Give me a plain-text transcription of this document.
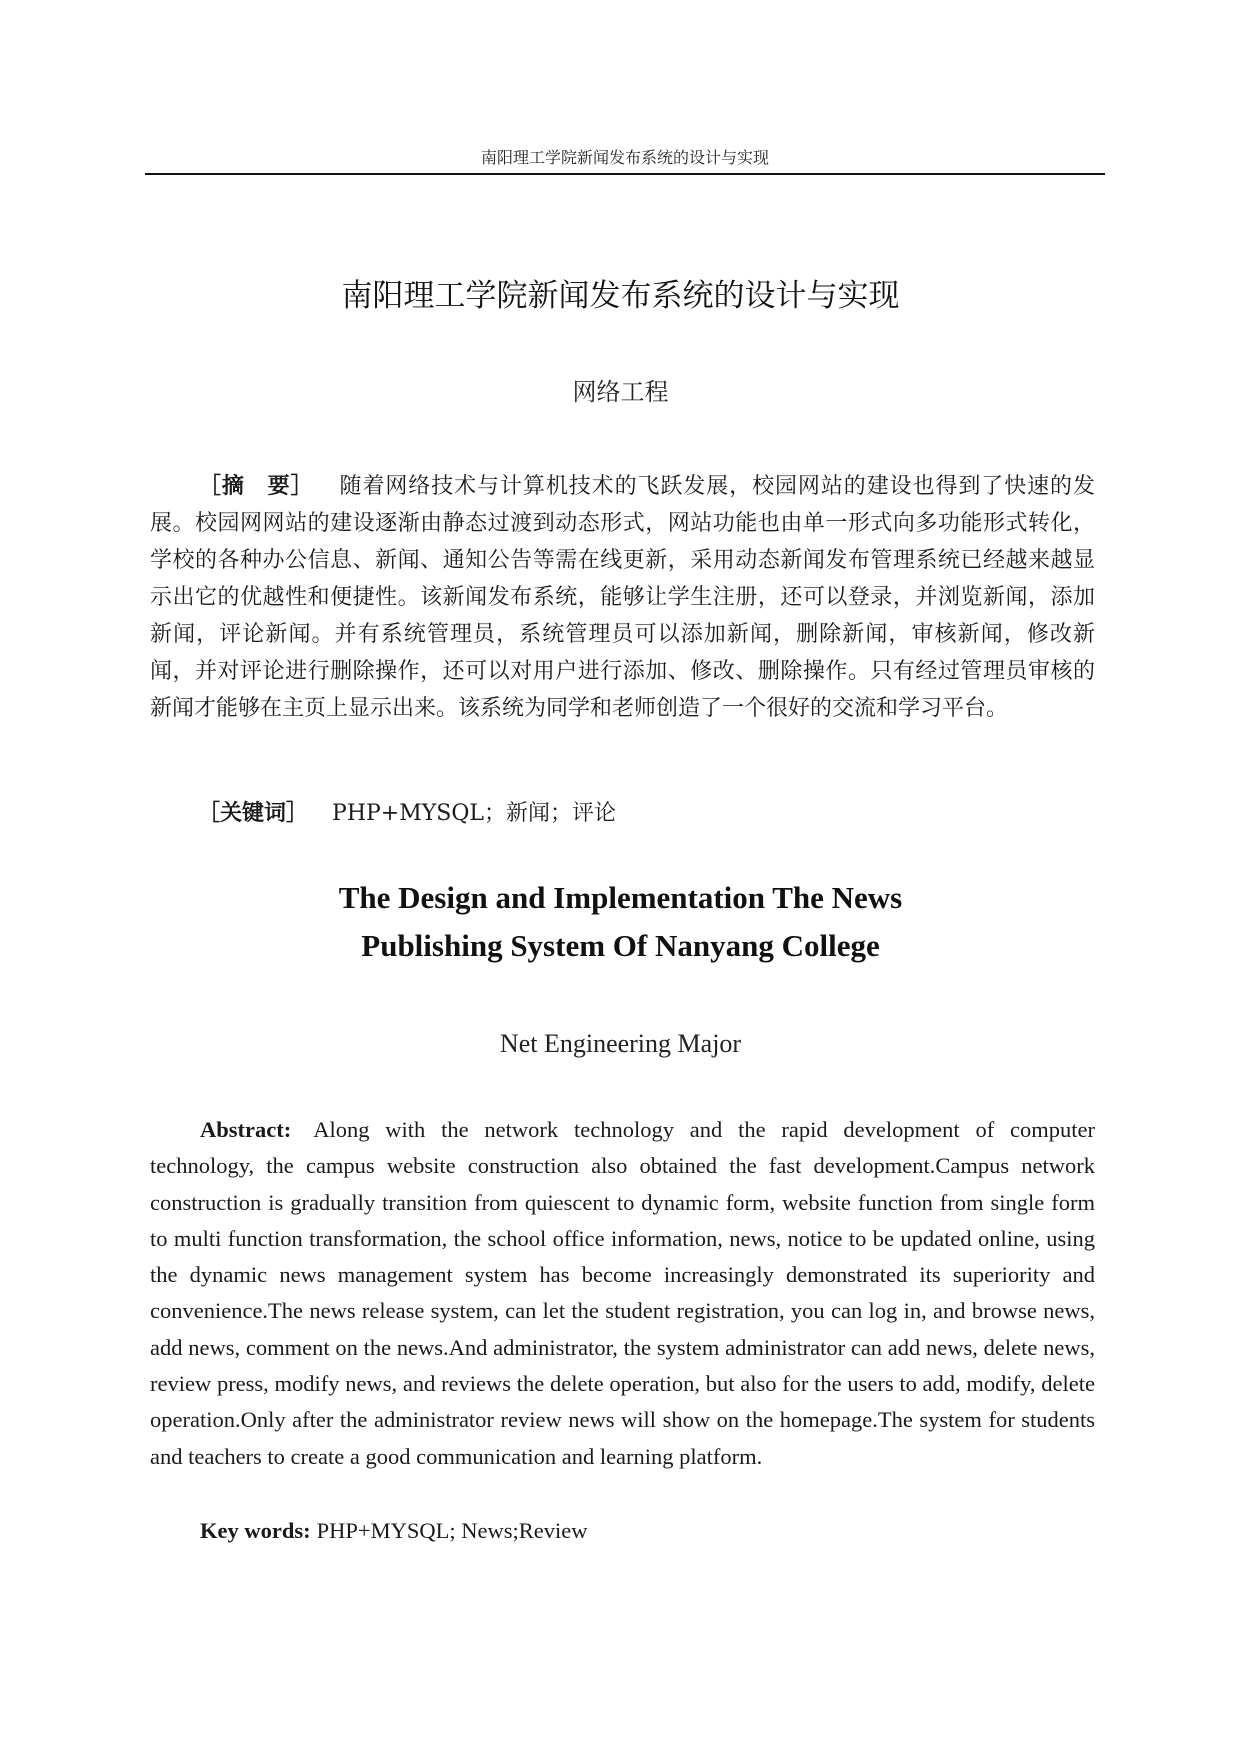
南阳理工学院新闻发布系统的设计与实现
南阳理工学院新闻发布系统的设计与实现
网络工程
［摘　要］ 随着网络技术与计算机技术的飞跃发展，校园网站的建设也得到了快速的发展。校园网网站的建设逐渐由静态过渡到动态形式，网站功能也由单一形式向多功能形式转化，学校的各种办公信息、新闻、通知公告等需在线更新，采用动态新闻发布管理系统已经越来越显示出它的优越性和便捷性。该新闻发布系统，能够让学生注册，还可以登录，并浏览新闻，添加新闻，评论新闻。并有系统管理员，系统管理员可以添加新闻，删除新闻，审核新闻，修改新闻，并对评论进行删除操作，还可以对用户进行添加、修改、删除操作。只有经过管理员审核的新闻才能够在主页上显示出来。该系统为同学和老师创造了一个很好的交流和学习平台。
［关键词］ PHP+MYSQL；新闻；评论
The Design and Implementation The News
Publishing System Of Nanyang College
Net Engineering Major
Abstract: Along with the network technology and the rapid development of computer technology, the campus website construction also obtained the fast development.Campus network construction is gradually transition from quiescent to dynamic form, website function from single form to multi function transformation, the school office information, news, notice to be updated online, using the dynamic news management system has become increasingly demonstrated its superiority and convenience.The news release system, can let the student registration, you can log in, and browse news, add news, comment on the news.And administrator, the system administrator can add news, delete news, review press, modify news, and reviews the delete operation, but also for the users to add, modify, delete operation.Only after the administrator review news will show on the homepage.The system for students and teachers to create a good communication and learning platform.
Key words: PHP+MYSQL; News;Review
